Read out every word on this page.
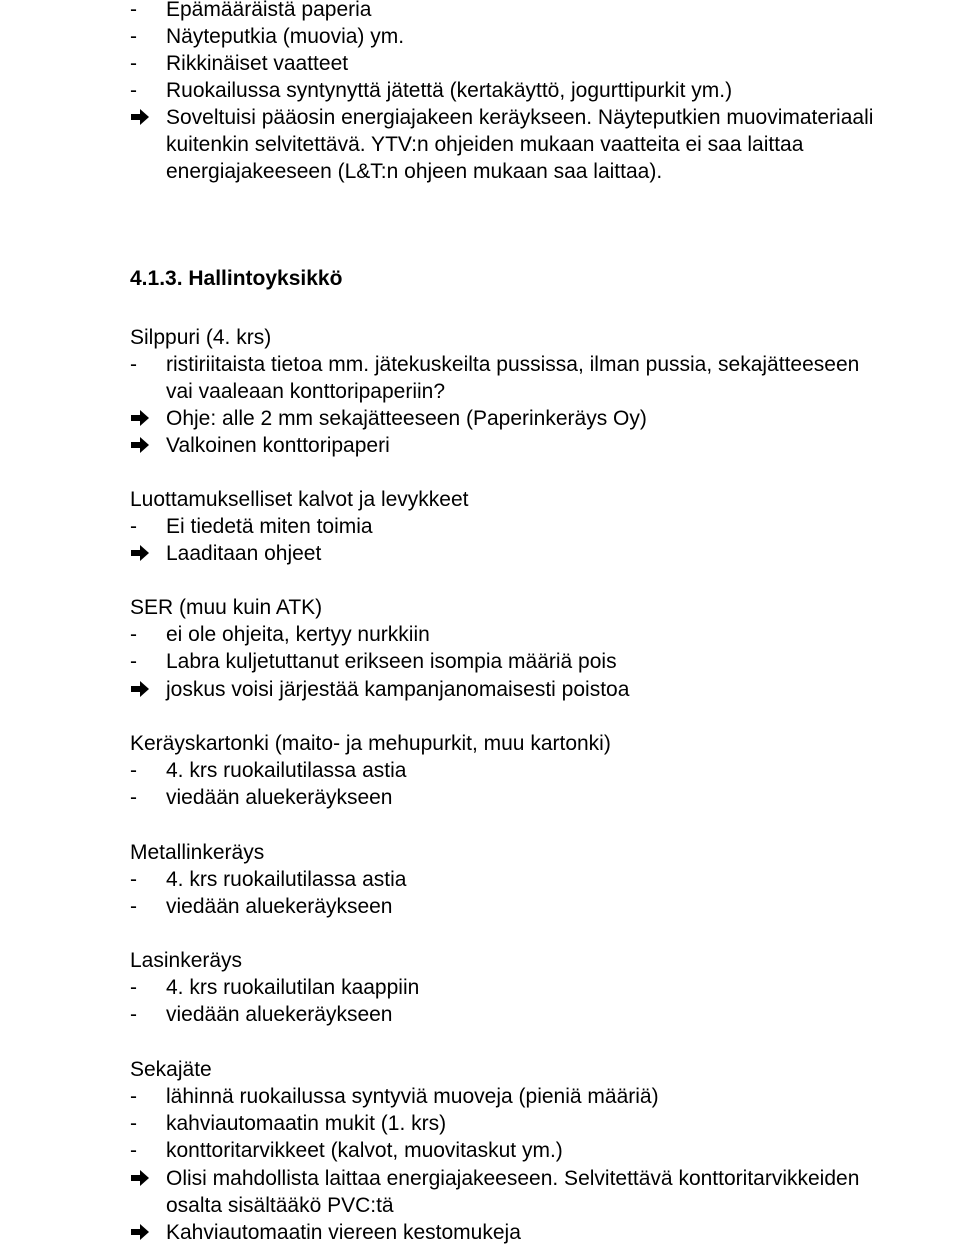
-	Epämääräistä paperia
-	Näyteputkia (muovia) ym.
-	Rikkinäiset vaatteet
-	Ruokailussa syntynyttä jätettä (kertakäyttö, jogurttipurkit ym.)
Soveltuisi pääosin energiajakeen keräykseen. Näyteputkien muovimateriaali
kuitenkin selvitettävä. YTV:n ohjeiden mukaan vaatteita ei saa laittaa
energiajakeeseen (L&T:n ohjeen mukaan saa laittaa).
4.1.3. Hallintoyksikkö
Silppuri (4. krs)
-	ristiriitaista tietoa mm. jätekuskeilta pussissa, ilman pussia, sekajätteeseen
vai vaaleaan konttoripaperiin?
Ohje: alle 2 mm sekajätteeseen (Paperinkeräys Oy)
Valkoinen konttoripaperi
Luottamukselliset kalvot ja levykkeet
-	Ei tiedetä miten toimia
Laaditaan ohjeet
SER (muu kuin ATK)
-	ei ole ohjeita, kertyy nurkkiin
-	Labra kuljetuttanut erikseen isompia määriä pois
joskus voisi järjestää kampanjanomaisesti poistoa
Keräyskartonki (maito- ja mehupurkit, muu kartonki)
-	4. krs ruokailutilassa astia
-	viedään aluekeräykseen
Metallinkeräys
-	4. krs ruokailutilassa astia
-	viedään aluekeräykseen
Lasinkeräys
-	4. krs ruokailutilan kaappiin
-	viedään aluekeräykseen
Sekajäte
-	lähinnä ruokailussa syntyviä muoveja (pieniä määriä)
-	kahviautomaatin mukit (1. krs)
-	konttoritarvikkeet (kalvot, muovitaskut ym.)
Olisi mahdollista laittaa energiajakeeseen. Selvitettävä konttoritarvikkeiden
osalta sisältääkö PVC:tä
Kahviautomaatin viereen kestomukeja
